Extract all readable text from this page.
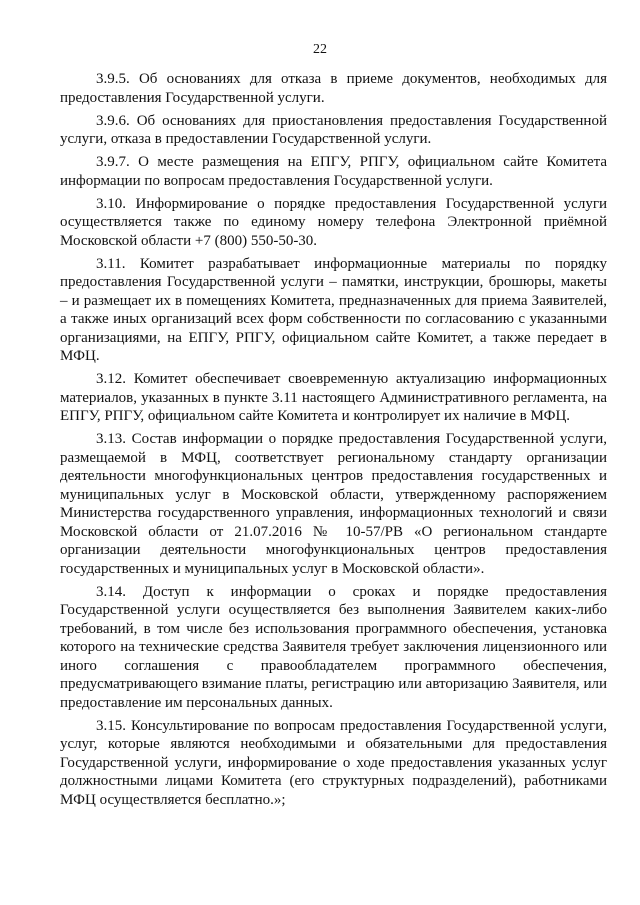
22

3.9.5. Об основаниях для отказа в приеме документов, необходимых для предоставления Государственной услуги.

3.9.6. Об основаниях для приостановления предоставления Государственной услуги, отказа в предоставлении Государственной услуги.

3.9.7. О месте размещения на ЕПГУ, РПГУ, официальном сайте Комитета информации по вопросам предоставления Государственной услуги.

3.10. Информирование о порядке предоставления Государственной услуги осуществляется также по единому номеру телефона Электронной приёмной Московской области +7 (800) 550-50-30.

3.11. Комитет разрабатывает информационные материалы по порядку предоставления Государственной услуги – памятки, инструкции, брошюры, макеты – и размещает их в помещениях Комитета, предназначенных для приема Заявителей, а также иных организаций всех форм собственности по согласованию с указанными организациями, на ЕПГУ, РПГУ, официальном сайте Комитет, а также передает в МФЦ.

3.12. Комитет обеспечивает своевременную актуализацию информационных материалов, указанных в пункте 3.11 настоящего Административного регламента, на ЕПГУ, РПГУ, официальном сайте Комитета и контролирует их наличие в МФЦ.

3.13. Состав информации о порядке предоставления Государственной услуги, размещаемой в МФЦ, соответствует региональному стандарту организации деятельности многофункциональных центров предоставления государственных и муниципальных услуг в Московской области, утвержденному распоряжением Министерства государственного управления, информационных технологий и связи Московской области от 21.07.2016 № 10-57/РВ «О региональном стандарте организации деятельности многофункциональных центров предоставления государственных и муниципальных услуг в Московской области».

3.14. Доступ к информации о сроках и порядке предоставления Государственной услуги осуществляется без выполнения Заявителем каких-либо требований, в том числе без использования программного обеспечения, установка которого на технические средства Заявителя требует заключения лицензионного или иного соглашения с правообладателем программного обеспечения, предусматривающего взимание платы, регистрацию или авторизацию Заявителя, или предоставление им персональных данных.

3.15. Консультирование по вопросам предоставления Государственной услуги, услуг, которые являются необходимыми и обязательными для предоставления Государственной услуги, информирование о ходе предоставления указанных услуг должностными лицами Комитета (его структурных подразделений), работниками МФЦ осуществляется бесплатно.»;
